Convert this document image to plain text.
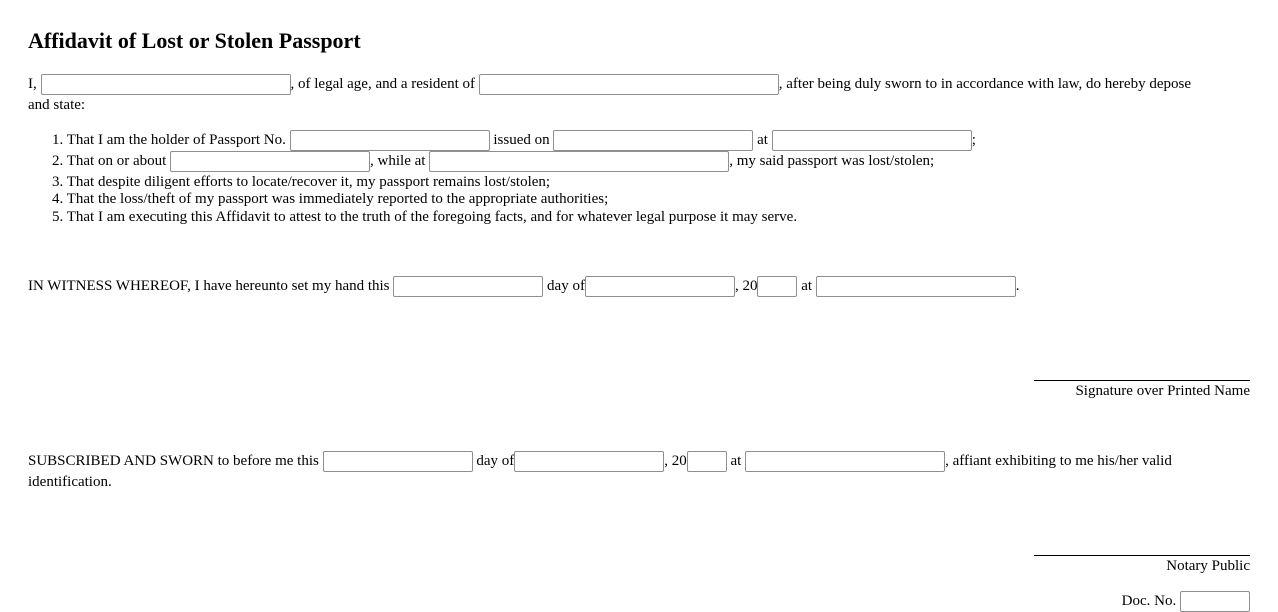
Affidavit of Lost or Stolen Passport
I,	, of legal age, and a resident of	, after being duly sworn to in accordance with law, do hereby depose
and state:
1. That I am the holder of Passport No.	issued on	at	;
2. That on or about	, while at	, my said passport was lost/stolen;
3. That despite diligent efforts to locate/recover it, my passport remains lost/stolen;
4. That the loss/theft of my passport was immediately reported to the appropriate authorities;
5. That I am executing this Affidavit to attest to the truth of the foregoing facts, and for whatever legal purpose it may serve.
IN WITNESS WHEREOF, I have hereunto set my hand this	day of	, 20	at	.
Signature over Printed Name
SUBSCRIBED AND SWORN to before me this	day of	, 20	at	, affiant exhibiting to me his/her valid
identification.
Notary Public
Doc. No.
